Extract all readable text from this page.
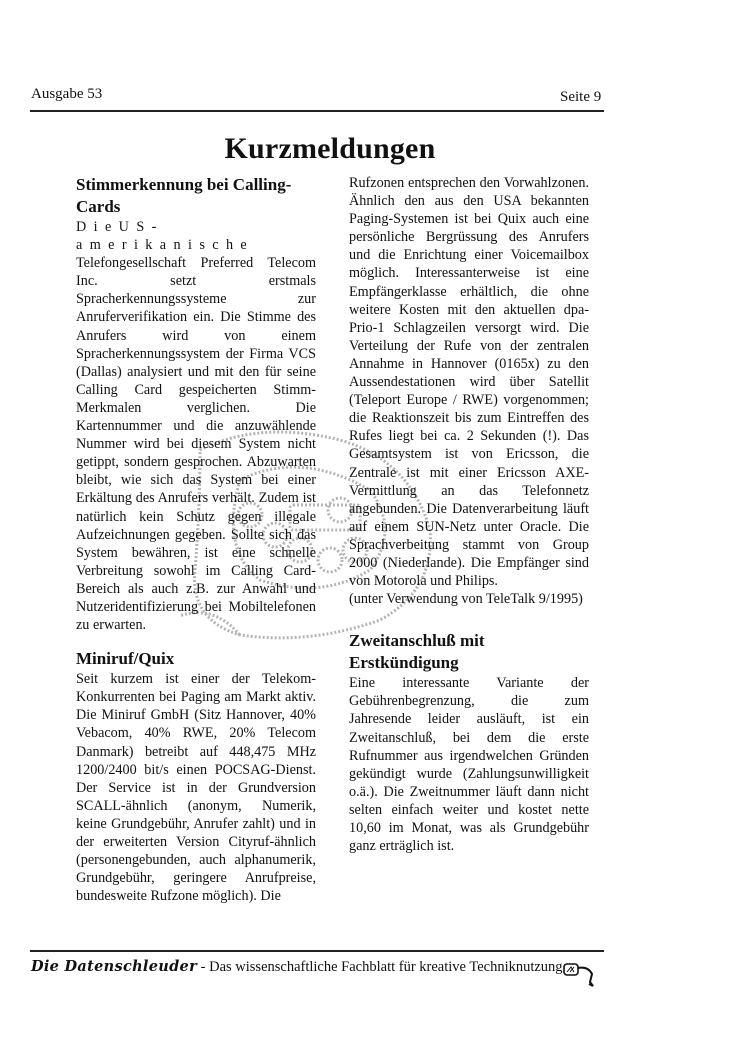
Ausgabe 53	Seite 9
Kurzmeldungen
Stimmerkennung bei Calling-Cards

DieUS-amerikanische

Telefongesellschaft Preferred Telecom Inc. setzt erstmals Spracherkennungssysteme zur Anruferverifikation ein. Die Stimme des Anrufers wird von einem Spracherkennungssystem der Firma VCS (Dallas) analysiert und mit den für seine Calling Card gespeicherten Stimm-Merkmalen verglichen. Die Kartennummer und die anzuwählende Nummer wird bei diesem System nicht getippt, sondern gesprochen. Abzuwarten bleibt, wie sich das System bei einer Erkältung des Anrufers verhält. Zudem ist natürlich kein Schutz gegen illegale Aufzeichnungen gegeben. Sollte sich das System bewähren, ist eine schnelle Verbreitung sowohl im Calling Card-Bereich als auch z.B. zur Anwahl und Nutzeridentifizierung bei Mobiltelefonen zu erwarten.

Miniruf/Quix

Seit kurzem ist einer der Telekom-Konkurrenten bei Paging am Markt aktiv. Die Miniruf GmbH (Sitz Hannover, 40% Vebacom, 40% RWE, 20% Telecom Danmark) betreibt auf 448,475 MHz 1200/2400 bit/s einen POCSAG-Dienst. Der Service ist in der Grundversion SCALL-ähnlich (anonym, Numerik, keine Grundgebühr, Anrufer zahlt) und in der erweiterten Version Cityruf-ähnlich (personengebunden, auch alphanumerik, Grundgebühr, geringere Anrufpreise, bundesweite Rufzone möglich). Die

Rufzonen entsprechen den Vorwahlzonen. Ähnlich den aus den USA bekannten Paging-Systemen ist bei Quix auch eine persönliche Bergrüssung des Anrufers und die Enrichtung einer Voicemailbox möglich. Interessanterweise ist eine Empfängerklasse erhältlich, die ohne weitere Kosten mit den aktuellen dpa-Prio-1 Schlagzeilen versorgt wird. Die Verteilung der Rufe von der zentralen Annahme in Hannover (0165x) zu den Aussendestationen wird über Satellit (Teleport Europe / RWE) vorgenommen; die Reaktionszeit bis zum Eintreffen des Rufes liegt bei ca. 2 Sekunden (!). Das Gesamtsystem ist von Ericsson, die Zentrale ist mit einer Ericsson AXE-Vermittlung an das Telefonnetz angebunden. Die Datenverarbeitung läuft auf einem SUN-Netz unter Oracle. Die Sprachverbeitung stammt von Group 2000 (Niederlande). Die Empfänger sind von Motorola und Philips.

(unter Verwendung von TeleTalk 9/1995)

Zweitanschluß mit Erstkündigung

Eine interessante Variante der Gebührenbegrenzung, die zum Jahresende leider ausläuft, ist ein Zweitanschluß, bei dem die erste Rufnummer aus irgendwelchen Gründen gekündigt wurde (Zahlungsunwilligkeit o.ä.). Die Zweitnummer läuft dann nicht selten einfach weiter und kostet nette 10,60 im Monat, was als Grundgebühr ganz erträglich ist.

Die Datenschleuder - Das wissenschaftliche Fachblatt für kreative Techniknutzung
